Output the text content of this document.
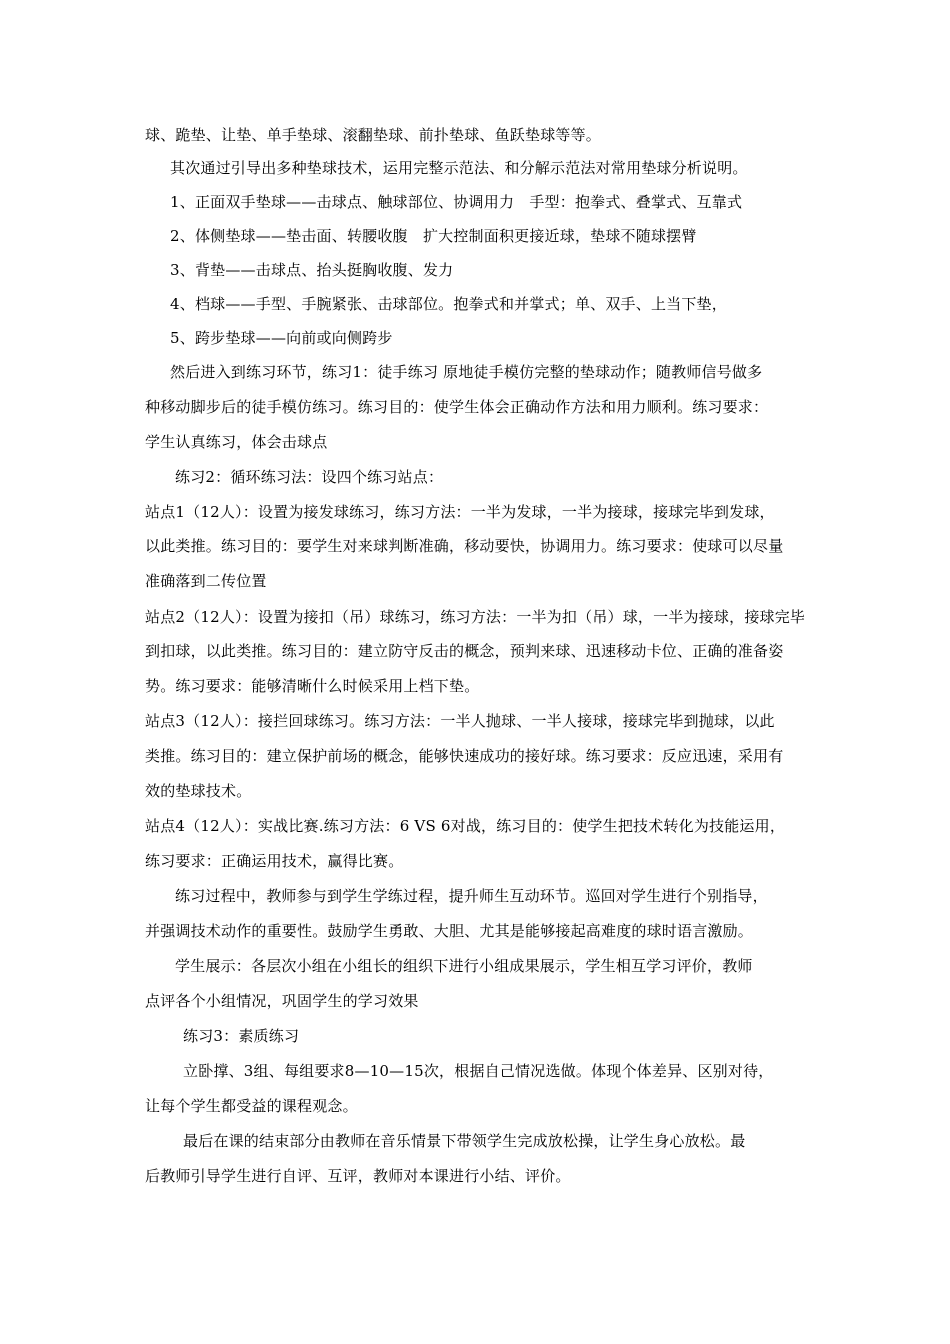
球、跪垫、让垫、单手垫球、滚翻垫球、前扑垫球、鱼跃垫球等等。
其次通过引导出多种垫球技术，运用完整示范法、和分解示范法对常用垫球分析说明。
1、正面双手垫球——击球点、触球部位、协调用力　手型：抱拳式、叠掌式、互靠式
2、体侧垫球——垫击面、转腰收腹　扩大控制面积更接近球，垫球不随球摆臂
3、背垫——击球点、抬头挺胸收腹、发力
4、档球——手型、手腕紧张、击球部位。抱拳式和并掌式；单、双手、上当下垫，
5、跨步垫球——向前或向侧跨步
然后进入到练习环节，练习1：徒手练习 原地徒手模仿完整的垫球动作；随教师信号做多
种移动脚步后的徒手模仿练习。练习目的：使学生体会正确动作方法和用力顺利。练习要求：
学生认真练习，体会击球点
练习2：循环练习法：设四个练习站点：
站点1（12人）：设置为接发球练习，练习方法：一半为发球，一半为接球，接球完毕到发球，
以此类推。练习目的：要学生对来球判断准确，移动要快，协调用力。练习要求：使球可以尽量
准确落到二传位置
站点2（12人）：设置为接扣（吊）球练习，练习方法：一半为扣（吊）球，一半为接球，接球完毕
到扣球，以此类推。练习目的：建立防守反击的概念，预判来球、迅速移动卡位、正确的准备姿
势。练习要求：能够清晰什么时候采用上档下垫。
站点3（12人）：接拦回球练习。练习方法：一半人抛球、一半人接球，接球完毕到抛球，以此
类推。练习目的：建立保护前场的概念，能够快速成功的接好球。练习要求：反应迅速，采用有
效的垫球技术。
站点4（12人）：实战比赛.练习方法：6 VS 6对战，练习目的：使学生把技术转化为技能运用，
练习要求：正确运用技术，赢得比赛。
练习过程中，教师参与到学生学练过程，提升师生互动环节。巡回对学生进行个别指导，
并强调技术动作的重要性。鼓励学生勇敢、大胆、尤其是能够接起高难度的球时语言激励。
学生展示：各层次小组在小组长的组织下进行小组成果展示，学生相互学习评价，教师
点评各个小组情况，巩固学生的学习效果
练习3：素质练习
立卧撑、3组、每组要求8—10—15次，根据自己情况选做。体现个体差异、区别对待，
让每个学生都受益的课程观念。
最后在课的结束部分由教师在音乐情景下带领学生完成放松操，让学生身心放松。最
后教师引导学生进行自评、互评，教师对本课进行小结、评价。
